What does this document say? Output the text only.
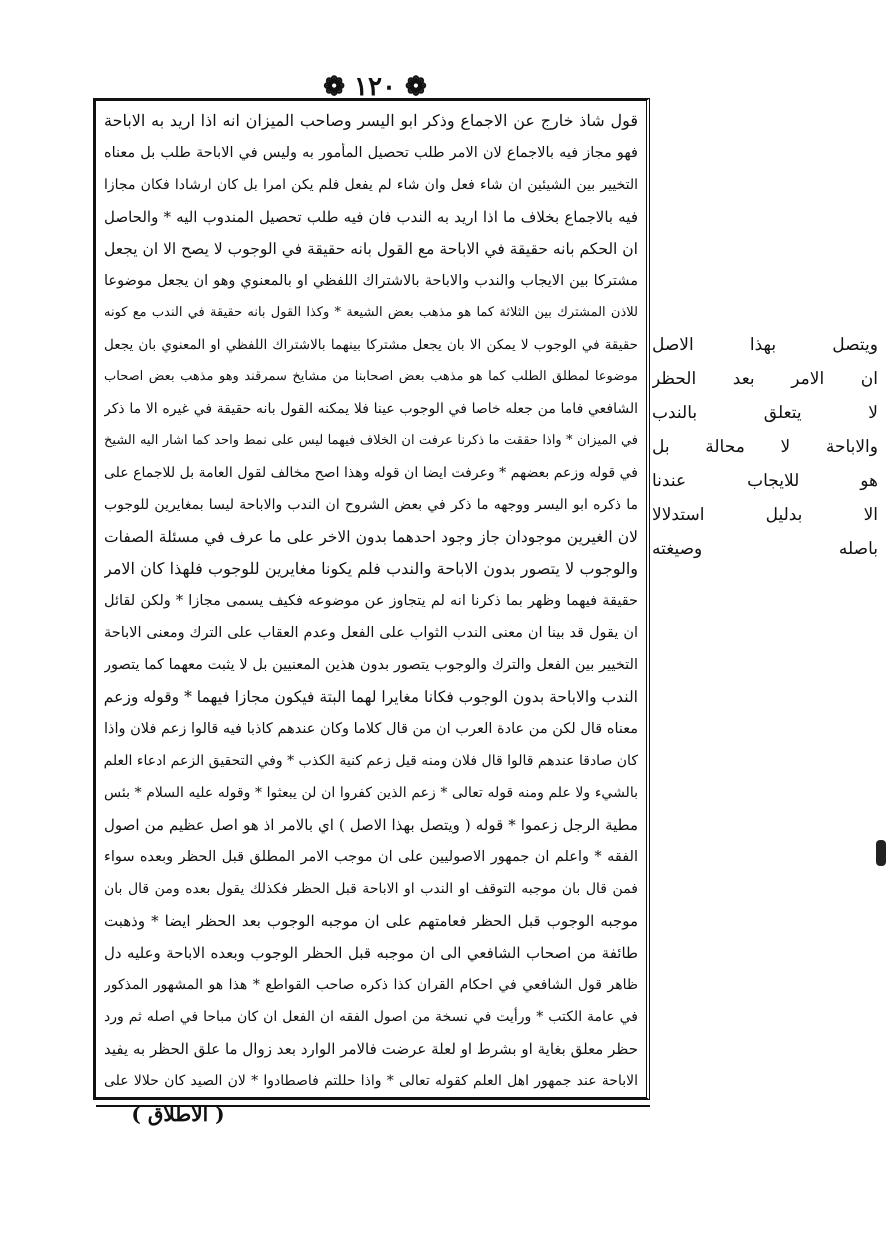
❁ ١٢٠ ❁
قول شاذ خارج عن الاجماع وذكر ابو اليسر وصاحب الميزان انه اذا اريد به الاباحة
فهو مجاز فيه بالاجماع لان الامر طلب تحصيل المأمور به وليس في الاباحة طلب بل معناه
التخيير بين الشيئين ان شاء فعل وان شاء لم يفعل فلم يكن امرا بل كان ارشادا فكان مجازا
فيه بالاجماع بخلاف ما اذا اريد به الندب فان فيه طلب تحصيل المندوب اليه * والحاصل
ان الحكم بانه حقيقة في الاباحة مع القول بانه حقيقة في الوجوب لا يصح الا ان يجعل
مشتركا بين الايجاب والندب والاباحة بالاشتراك اللفظي او بالمعنوي وهو ان يجعل موضوعا
للاذن المشترك بين الثلاثة كما هو مذهب بعض الشيعة * وكذا القول بانه حقيقة في الندب مع كونه
حقيقة في الوجوب لا يمكن الا بان يجعل مشتركا بينهما بالاشتراك اللفظي او المعنوي بان يجعل
موضوعا لمطلق الطلب كما هو مذهب بعض اصحابنا من مشايخ سمرقند وهو مذهب بعض اصحاب
الشافعي فاما من جعله خاصا في الوجوب عينا فلا يمكنه القول بانه حقيقة في غيره الا ما ذكر
في الميزان * واذا حققت ما ذكرنا عرفت ان الخلاف فيهما ليس على نمط واحد كما اشار اليه الشيخ
في قوله وزعم بعضهم * وعرفت ايضا ان قوله وهذا اصح مخالف لقول العامة بل للاجماع على
ما ذكره ابو اليسر ووجهه ما ذكر في بعض الشروح ان الندب والاباحة ليسا بمغايرين للوجوب
لان الغيرين موجودان جاز وجود احدهما بدون الاخر على ما عرف في مسئلة الصفات
والوجوب لا يتصور بدون الاباحة والندب فلم يكونا مغايرين للوجوب فلهذا كان الامر
حقيقة فيهما وظهر بما ذكرنا انه لم يتجاوز عن موضوعه فكيف يسمى مجازا * ولكن لقائل
ان يقول قد بينا ان معنى الندب الثواب على الفعل وعدم العقاب على الترك ومعنى الاباحة
التخيير بين الفعل والترك والوجوب يتصور بدون هذين المعنيين بل لا يثبت معهما كما يتصور
الندب والاباحة بدون الوجوب فكانا مغايرا لهما البتة فيكون مجازا فيهما * وقوله وزعم
معناه قال لكن من عادة العرب ان من قال كلاما وكان عندهم كاذبا فيه قالوا زعم فلان واذا
كان صادقا عندهم قالوا قال فلان ومنه قيل زعم كنية الكذب * وفي التحقيق الزعم ادعاء العلم
بالشيء ولا علم ومنه قوله تعالى * زعم الذين كفروا ان لن يبعثوا * وقوله عليه السلام * بئس
مطية الرجل زعموا * قوله ( ويتصل بهذا الاصل ) اي بالامر اذ هو اصل عظيم من اصول
الفقه * واعلم ان جمهور الاصوليين على ان موجب الامر المطلق قبل الحظر وبعده سواء
فمن قال بان موجبه التوقف او الندب او الاباحة قبل الحظر فكذلك يقول بعده ومن قال بان
موجبه الوجوب قبل الحظر فعامتهم على ان موجبه الوجوب بعد الحظر ايضا * وذهبت
طائفة من اصحاب الشافعي الى ان موجبه قبل الحظر الوجوب وبعده الاباحة وعليه دل
ظاهر قول الشافعي في احكام القران كذا ذكره صاحب القواطع * هذا هو المشهور المذكور
في عامة الكتب * ورأيت في نسخة من اصول الفقه ان الفعل ان كان مباحا في اصله ثم ورد
حظر معلق بغاية او بشرط او لعلة عرضت فالامر الوارد بعد زوال ما علق الحظر به يفيد
الاباحة عند جمهور اهل العلم كقوله تعالى * واذا حللتم فاصطادوا * لان الصيد كان حلالا على
ويتصل بهذا الاصل
ان الامر بعد الحظر
لا يتعلق بالندب
والاباحة لا محالة بل
هو للايجاب عندنا
الا بدليل استدلالا
باصله وصيغته
( الاطلاق )
